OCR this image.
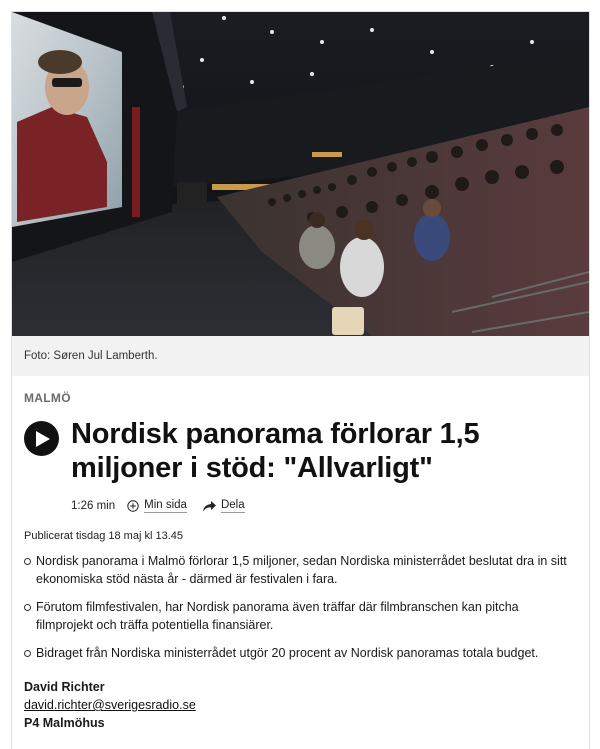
Foto: Søren Jul Lamberth.
MALMÖ
Nordisk panorama förlorar 1,5 miljoner i stöd: "Allvarligt"
1:26 min	Min sida	Dela
Publicerat tisdag 18 maj kl 13.45
Nordisk panorama i Malmö förlorar 1,5 miljoner, sedan Nordiska ministerrådet beslutat dra in sitt ekonomiska stöd nästa år - därmed är festivalen i fara.
Förutom filmfestivalen, har Nordisk panorama även träffar där filmbranschen kan pitcha filmprojekt och träffa potentiella finansiärer.
Bidraget från Nordiska ministerrådet utgör 20 procent av Nordisk panoramas totala budget.
David Richter
david.richter@sverigesradio.se
P4 Malmöhus
